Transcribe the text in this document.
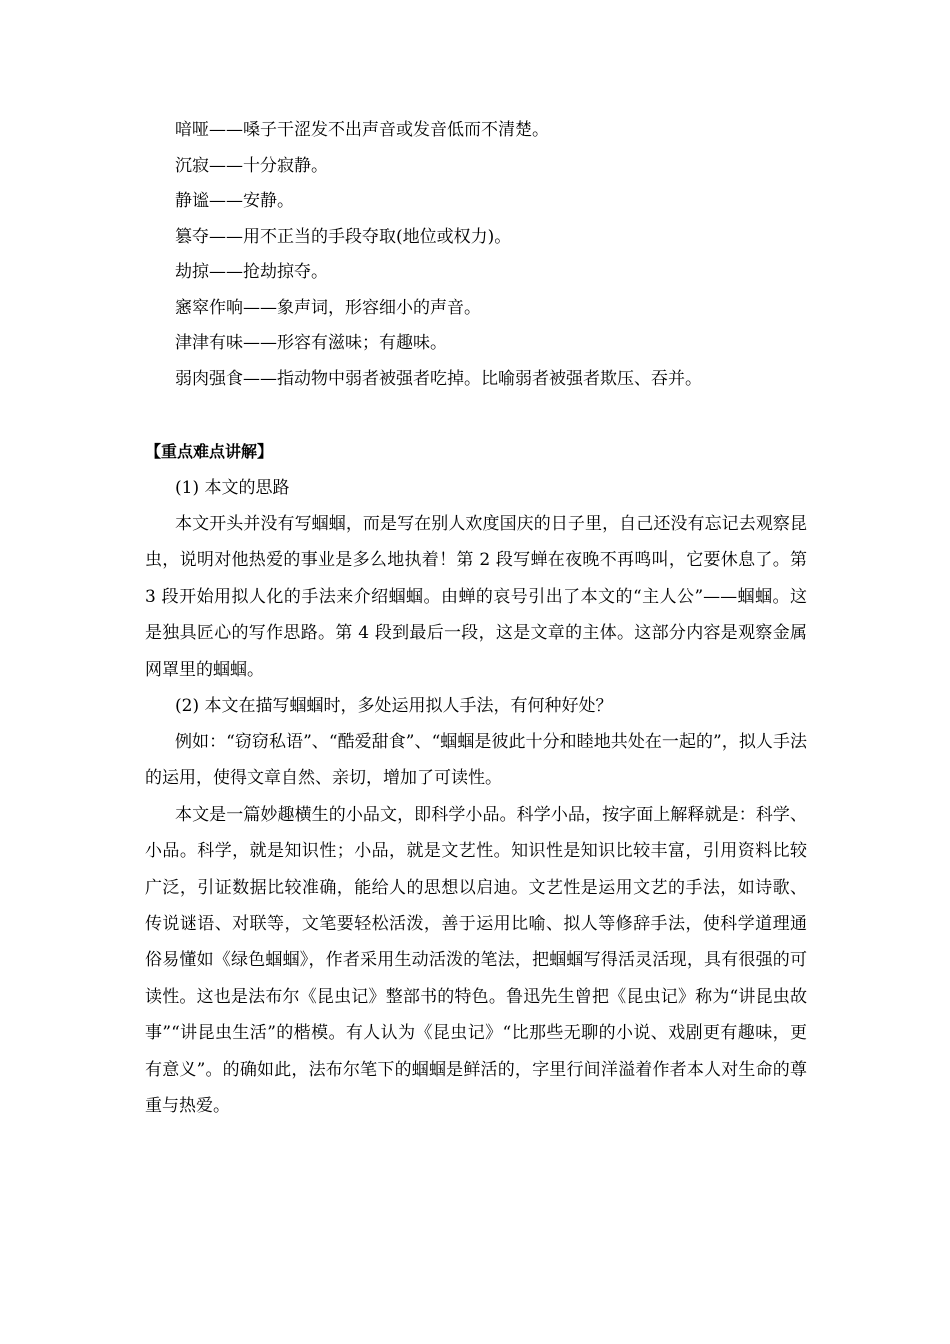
喑哑——嗓子干涩发不出声音或发音低而不清楚。
沉寂——十分寂静。
静谧——安静。
篡夺——用不正当的手段夺取(地位或权力)。
劫掠——抢劫掠夺。
窸窣作响——象声词，形容细小的声音。
津津有味——形容有滋味；有趣味。
弱肉强食——指动物中弱者被强者吃掉。比喻弱者被强者欺压、吞并。
【重点难点讲解】
(1) 本文的思路

本文开头并没有写蝈蝈，而是写在别人欢度国庆的日子里，自己还没有忘记去观察昆虫，说明对他热爱的事业是多么地执着！第 2 段写蝉在夜晚不再鸣叫，它要休息了。第 3 段开始用拟人化的手法来介绍蝈蝈。由蝉的哀号引出了本文的“主人公”——蝈蝈。这是独具匠心的写作思路。第 4 段到最后一段，这是文章的主体。这部分内容是观察金属网罩里的蝈蝈。

(2) 本文在描写蝈蝈时，多处运用拟人手法，有何种好处？

例如：“窃窃私语”、“酷爱甜食”、“蝈蝈是彼此十分和睦地共处在一起的”，拟人手法的运用，使得文章自然、亲切，增加了可读性。

本文是一篇妙趣横生的小品文，即科学小品。科学小品，按字面上解释就是：科学、小品。科学，就是知识性；小品，就是文艺性。知识性是知识比较丰富，引用资料比较广泛，引证数据比较准确，能给人的思想以启迪。文艺性是运用文艺的手法，如诗歌、传说谜语、对联等，文笔要轻松活泼，善于运用比喻、拟人等修辞手法，使科学道理通俗易懂如《绿色蝈蝈》，作者采用生动活泼的笔法，把蝈蝈写得活灵活现，具有很强的可读性。这也是法布尔《昆虫记》整部书的特色。鲁迅先生曾把《昆虫记》称为“讲昆虫故事”“讲昆虫生活”的楷模。有人认为《昆虫记》“比那些无聊的小说、戏剧更有趣味，更有意义”。的确如此，法布尔笔下的蝈蝈是鲜活的，字里行间洋溢着作者本人对生命的尊重与热爱。
